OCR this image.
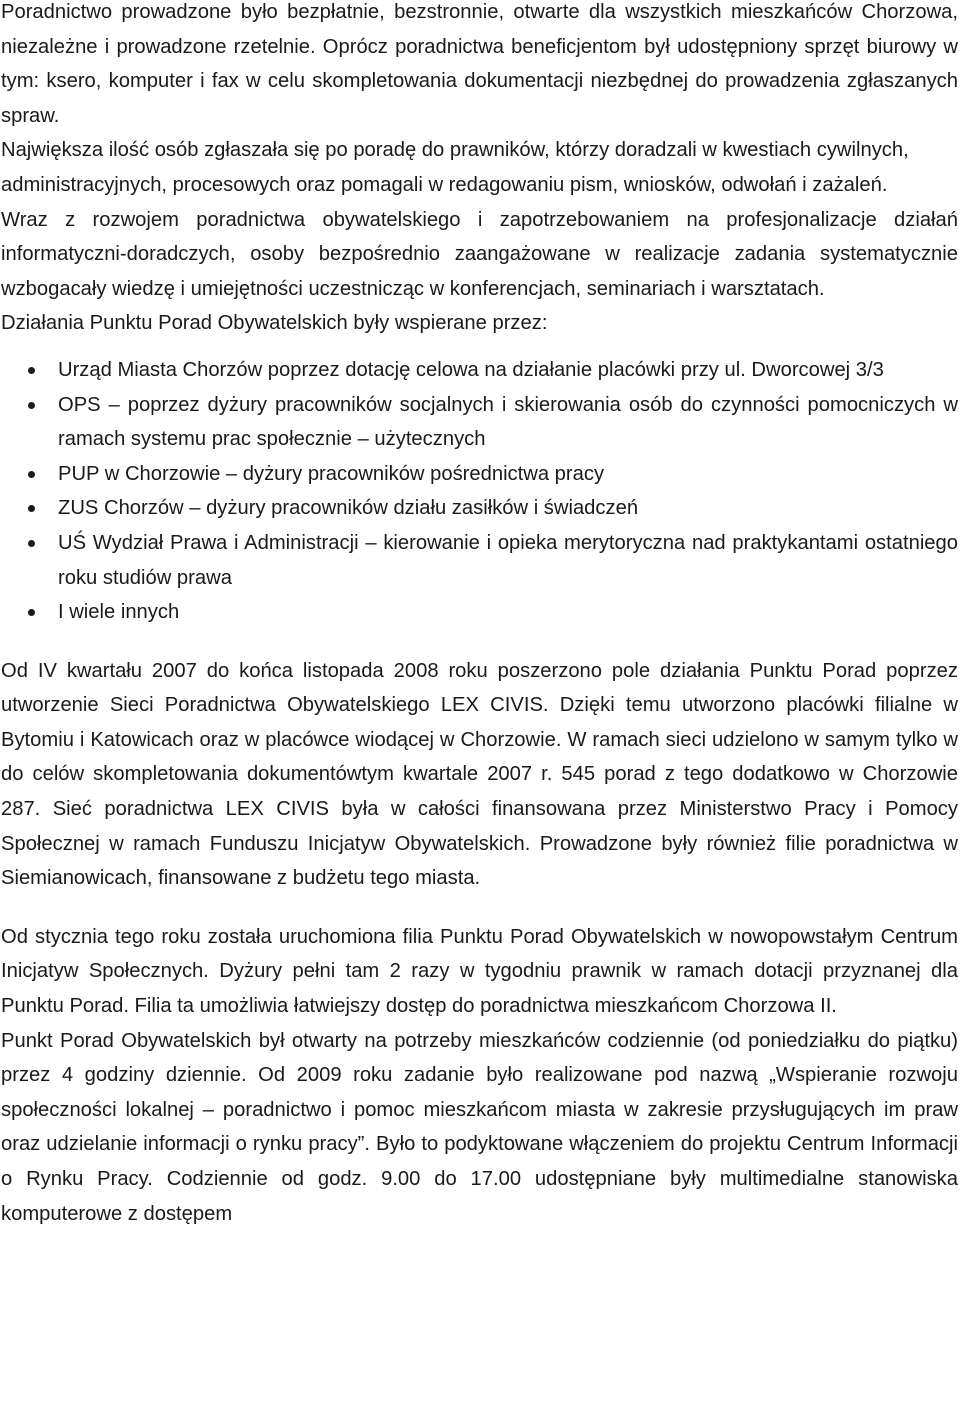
Poradnictwo prowadzone było bezpłatnie, bezstronnie, otwarte dla wszystkich mieszkańców Chorzowa, niezależne i prowadzone rzetelnie. Oprócz poradnictwa beneficjentom był udostępniony sprzęt biurowy w tym: ksero, komputer i fax w celu skompletowania dokumentacji niezbędnej do prowadzenia zgłaszanych spraw.

Największa ilość osób zgłaszała się po poradę do prawników, którzy doradzali w kwestiach cywilnych, administracyjnych, procesowych oraz pomagali w redagowaniu pism, wniosków, odwołań i zażaleń.

Wraz z rozwojem poradnictwa obywatelskiego i zapotrzebowaniem na profesjonalizacje działań informatyczni-doradczych, osoby bezpośrednio zaangażowane w realizacje zadania systematycznie wzbogacały wiedzę i umiejętności uczestnicząc w konferencjach, seminariach i warsztatach.

Działania Punktu Porad Obywatelskich były wspierane przez:

Urząd Miasta Chorzów poprzez dotację celowa na działanie placówki przy ul. Dworcowej 3/3
OPS – poprzez dyżury pracowników socjalnych i skierowania osób do czynności pomocniczych w ramach systemu prac społecznie – użytecznych
PUP w Chorzowie – dyżury pracowników pośrednictwa pracy
ZUS Chorzów – dyżury pracowników działu zasiłków i świadczeń
UŚ Wydział Prawa i Administracji – kierowanie i opieka merytoryczna nad praktykantami ostatniego roku studiów prawa
I wiele innych

Od IV kwartału 2007 do końca listopada 2008 roku poszerzono pole działania Punktu Porad poprzez utworzenie Sieci Poradnictwa Obywatelskiego LEX CIVIS. Dzięki temu utworzono placówki filialne w Bytomiu i Katowicach oraz w placówce wiodącej w Chorzowie. W ramach sieci udzielono w samym tylko w do celów skompletowania dokumentówtym kwartale 2007 r. 545 porad z tego dodatkowo w Chorzowie 287. Sieć poradnictwa LEX CIVIS była w całości finansowana przez Ministerstwo Pracy i Pomocy Społecznej w ramach Funduszu Inicjatyw Obywatelskich. Prowadzone były również filie poradnictwa w Siemianowicach, finansowane z budżetu tego miasta.

Od stycznia tego roku została uruchomiona filia Punktu Porad Obywatelskich w nowopowstałym Centrum Inicjatyw Społecznych. Dyżury pełni tam 2 razy w tygodniu prawnik w ramach dotacji przyznanej dla Punktu Porad. Filia ta umożliwia łatwiejszy dostęp do poradnictwa mieszkańcom Chorzowa II.

Punkt Porad Obywatelskich był otwarty na potrzeby mieszkańców codziennie (od poniedziałku do piątku) przez 4 godziny dziennie. Od 2009 roku zadanie było realizowane pod nazwą „Wspieranie rozwoju społeczności lokalnej – poradnictwo i pomoc mieszkańcom miasta w zakresie przysługujących im praw oraz udzielanie informacji o rynku pracy”. Było to podyktowane włączeniem do projektu Centrum Informacji o Rynku Pracy. Codziennie od godz. 9.00 do 17.00 udostępniane były multimedialne stanowiska komputerowe z dostępem
